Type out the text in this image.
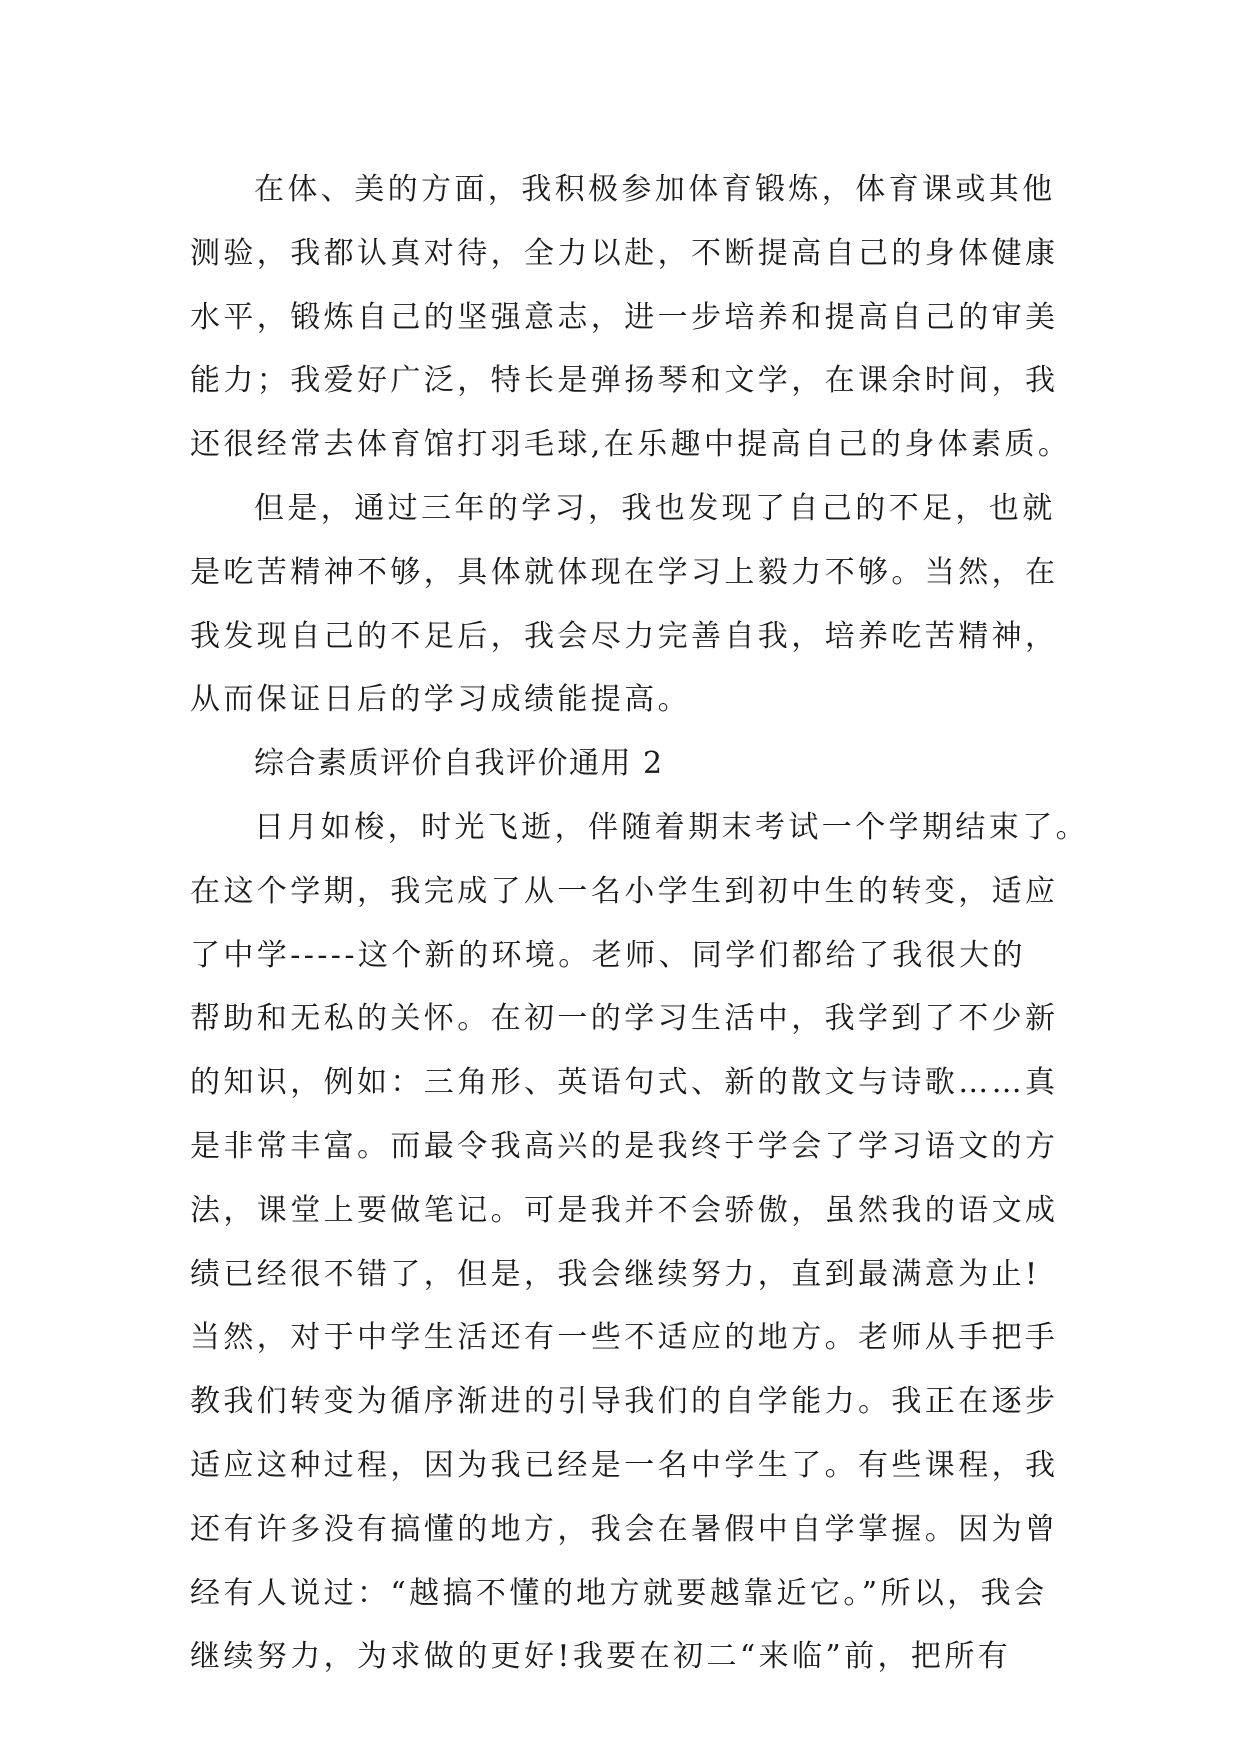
在体、美的方面，我积极参加体育锻炼，体育课或其他
测验，我都认真对待，全力以赴，不断提高自己的身体健康
水平，锻炼自己的坚强意志，进一步培养和提高自己的审美
能力；我爱好广泛，特长是弹扬琴和文学，在课余时间，我
还很经常去体育馆打羽毛球,在乐趣中提高自己的身体素质。
但是，通过三年的学习，我也发现了自己的不足，也就
是吃苦精神不够，具体就体现在学习上毅力不够。当然，在
我发现自己的不足后，我会尽力完善自我，培养吃苦精神，
从而保证日后的学习成绩能提高。
综合素质评价自我评价通用 2
日月如梭，时光飞逝，伴随着期末考试一个学期结束了。
在这个学期，我完成了从一名小学生到初中生的转变，适应
了中学-----这个新的环境。老师、同学们都给了我很大的
帮助和无私的关怀。在初一的学习生活中，我学到了不少新
的知识，例如：三角形、英语句式、新的散文与诗歌……真
是非常丰富。而最令我高兴的是我终于学会了学习语文的方
法，课堂上要做笔记。可是我并不会骄傲，虽然我的语文成
绩已经很不错了，但是，我会继续努力，直到最满意为止!
当然，对于中学生活还有一些不适应的地方。老师从手把手
教我们转变为循序渐进的引导我们的自学能力。我正在逐步
适应这种过程，因为我已经是一名中学生了。有些课程，我
还有许多没有搞懂的地方，我会在暑假中自学掌握。因为曾
经有人说过：“越搞不懂的地方就要越靠近它。”所以，我会
继续努力，为求做的更好!我要在初二“来临”前，把所有
